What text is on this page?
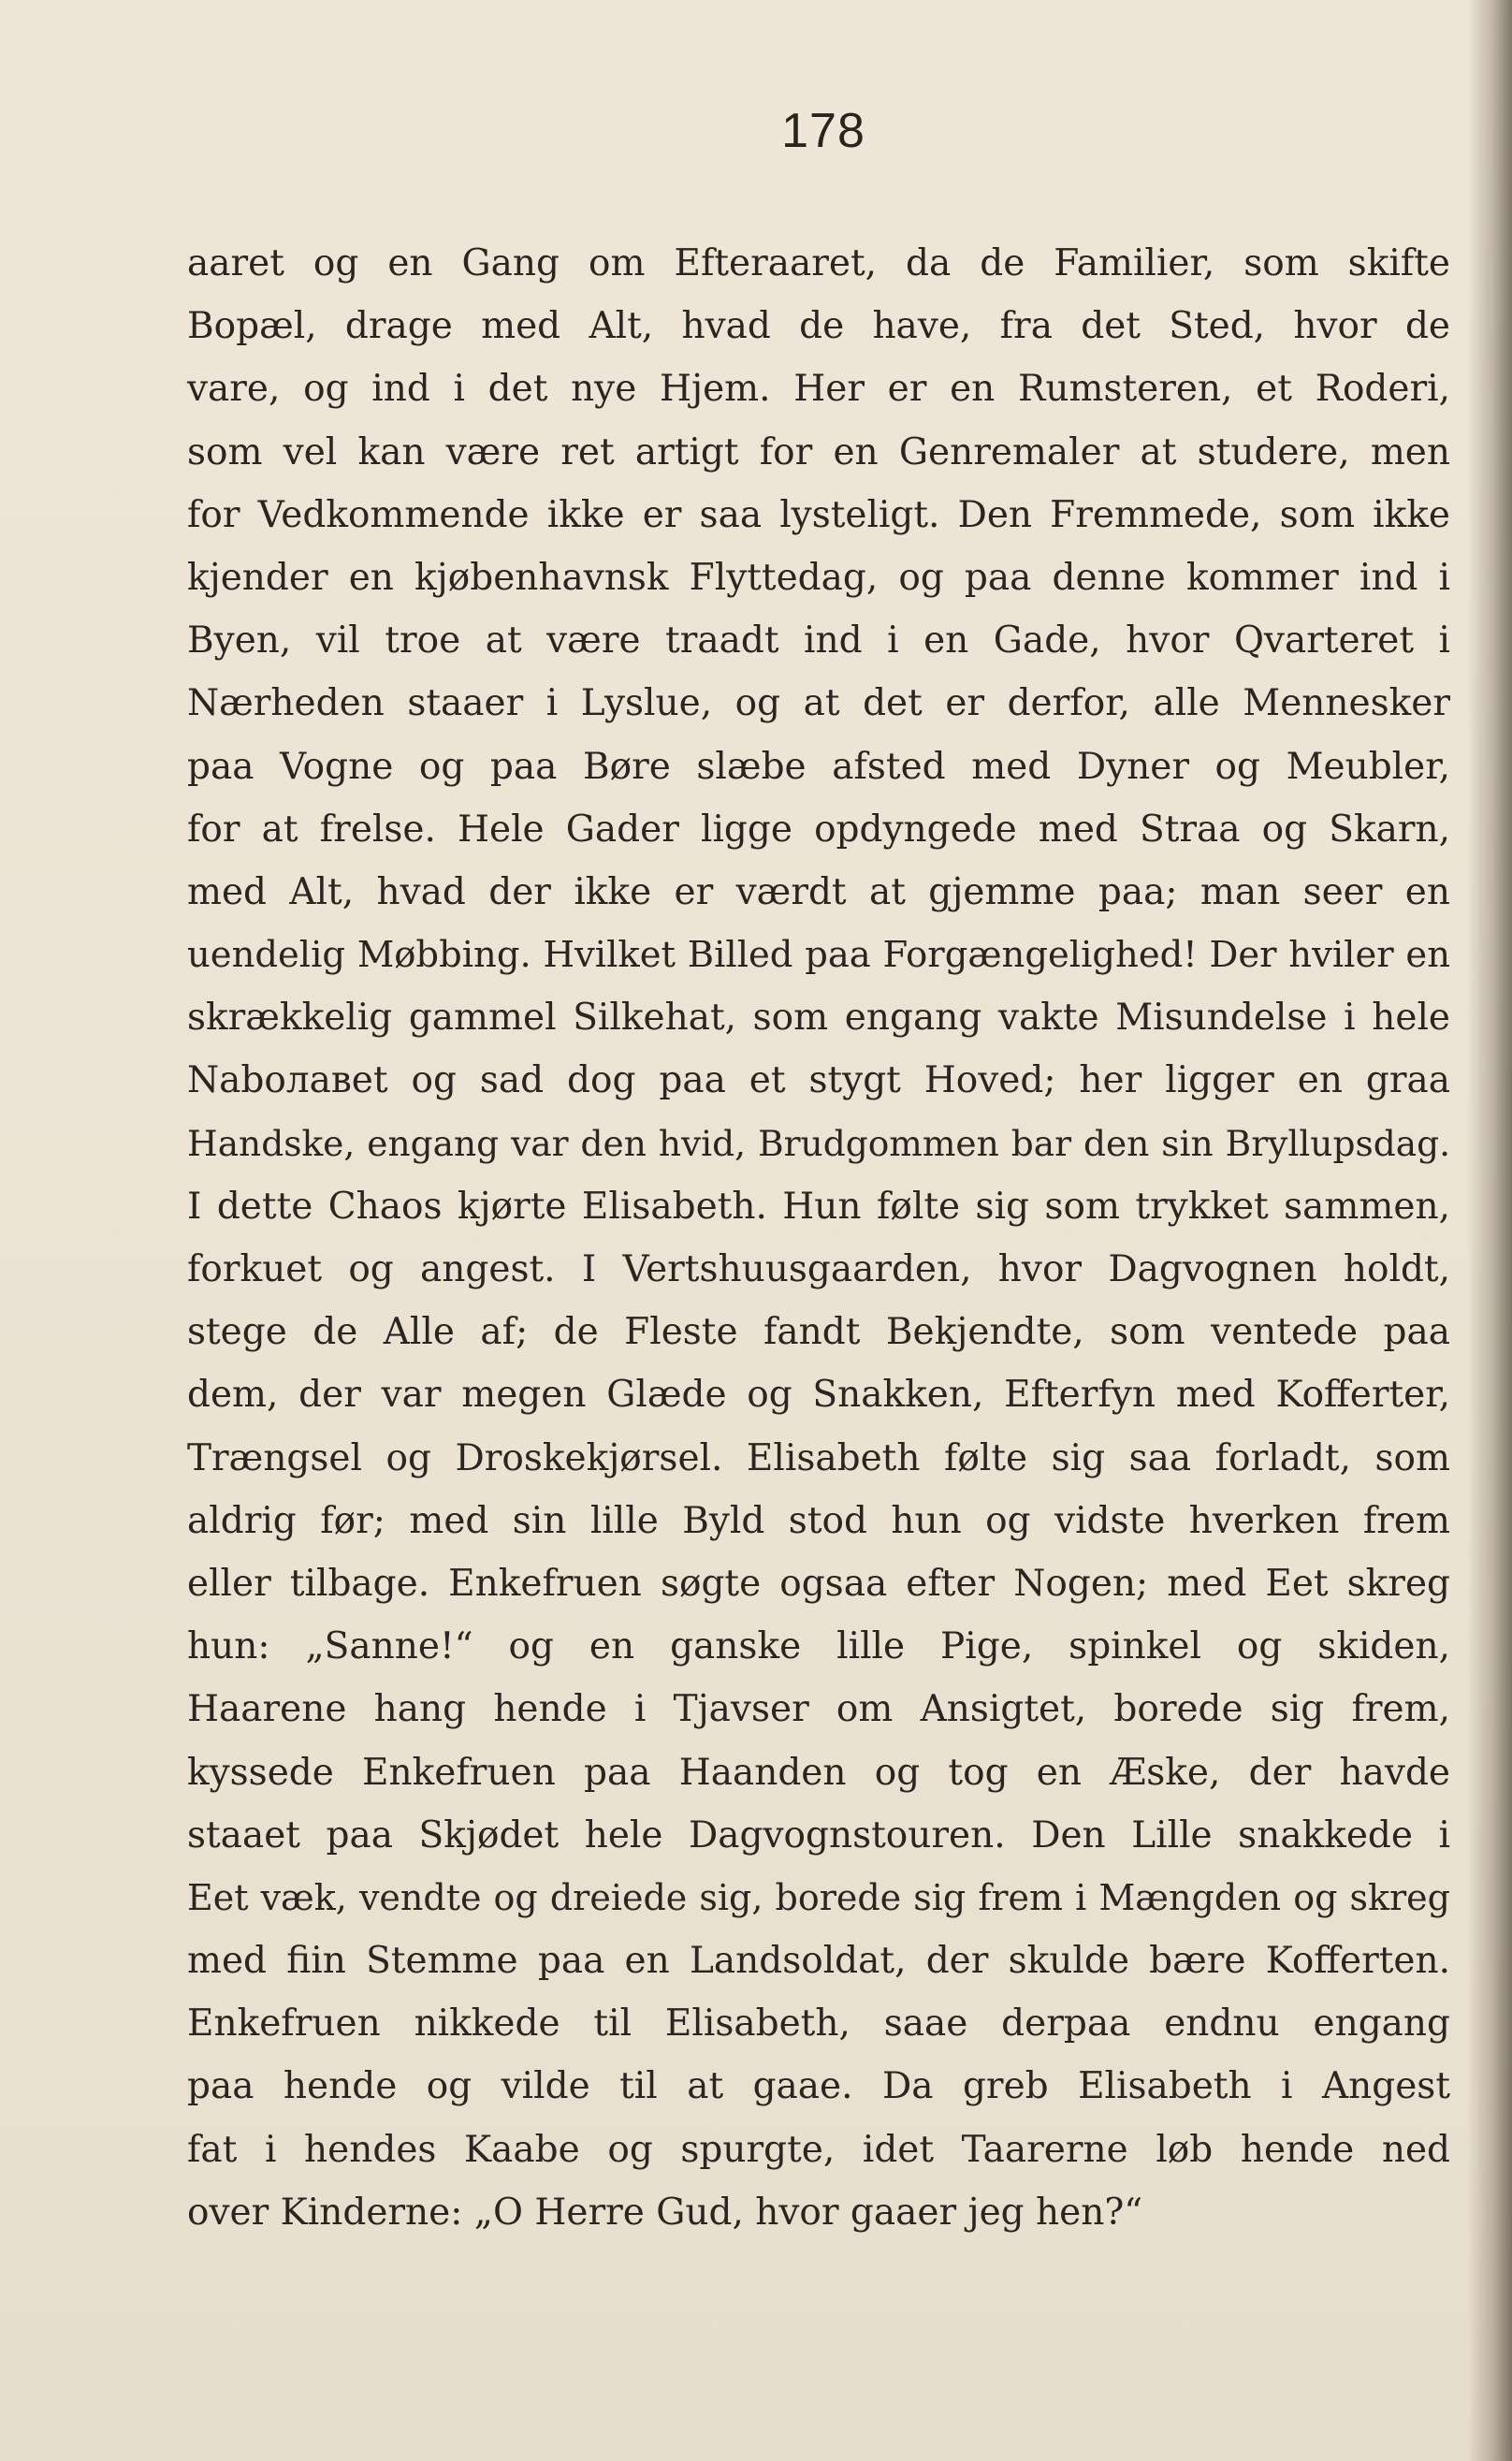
178
aaret og en Gang om Efteraaret, da de Familier, som skifte
Bopæl, drage med Alt, hvad de have, fra det Sted, hvor de
vare, og ind i det nye Hjem. Her er en Rumsteren, et Roderi,
som vel kan være ret artigt for en Genremaler at studere, men
for Vedkommende ikke er saa lysteligt. Den Fremmede, som ikke
kjender en kjøbenhavnsk Flyttedag, og paa denne kommer ind i
Byen, vil troe at være traadt ind i en Gade, hvor Qvarteret i
Nærheden staaer i Lysluе, og at det er derfor, alle Mennesker
paa Vogne og paa Børe slæbe afsted med Dyner og Meubler,
for at frelse. Hele Gader ligge opdyngede med Straa og Skarn,
med Alt, hvad der ikke er værdt at gjemme paa; man seer en
uendelig Møbbing. Hvilket Billed paa Forgængelighed! Der hviler en
skrækkelig gammel Silkehat, som engang vakte Misundelse i hele
Naboлавet og sad dog paa et stygt Hoved; her ligger en graa
Handske, engang var den hvid, Brudgommen bar den sin Bryllupsdag.
I dette Chaos kjørte Elisabeth. Hun følte sig som trykket sammen,
forkuet og angest. I Vertshuusgaarden, hvor Dagvognen holdt,
stege de Alle af; de Fleste fandt Bekjendte, som ventede paa
dem, der var megen Glæde og Snakken, Efterfyn med Kofferter,
Trængsel og Droskekjørsel. Elisabeth følte sig saa forladt, som
aldrig før; med sin lille Byld stod hun og vidste hverken frem
eller tilbage. Enkefruen søgte ogsaa efter Nogen; med Eet skreg
hun: „Sanne!“ og en ganske lille Pige, spinkel og skiden,
Haarene hang hende i Tjavser om Ansigtet, borede sig frem,
kyssede Enkefruen paa Haanden og tog en Æske, der havde
staaet paa Skjødet hele Dagvognstouren. Den Lille snakkede i
Eet væk, vendte og dreiede sig, borede sig frem i Mængden og skreg
med fiin Stemme paa en Landsoldat, der skulde bære Kofferten.
Enkefruen nikkede til Elisabeth, saae derpaa endnu engang
paa hende og vilde til at gaae. Da greb Elisabeth i Angest
fat i hendes Kaabe og spurgte, idet Taarerne løb hende ned
over Kinderne: „O Herre Gud, hvor gaaer jeg hen?“
